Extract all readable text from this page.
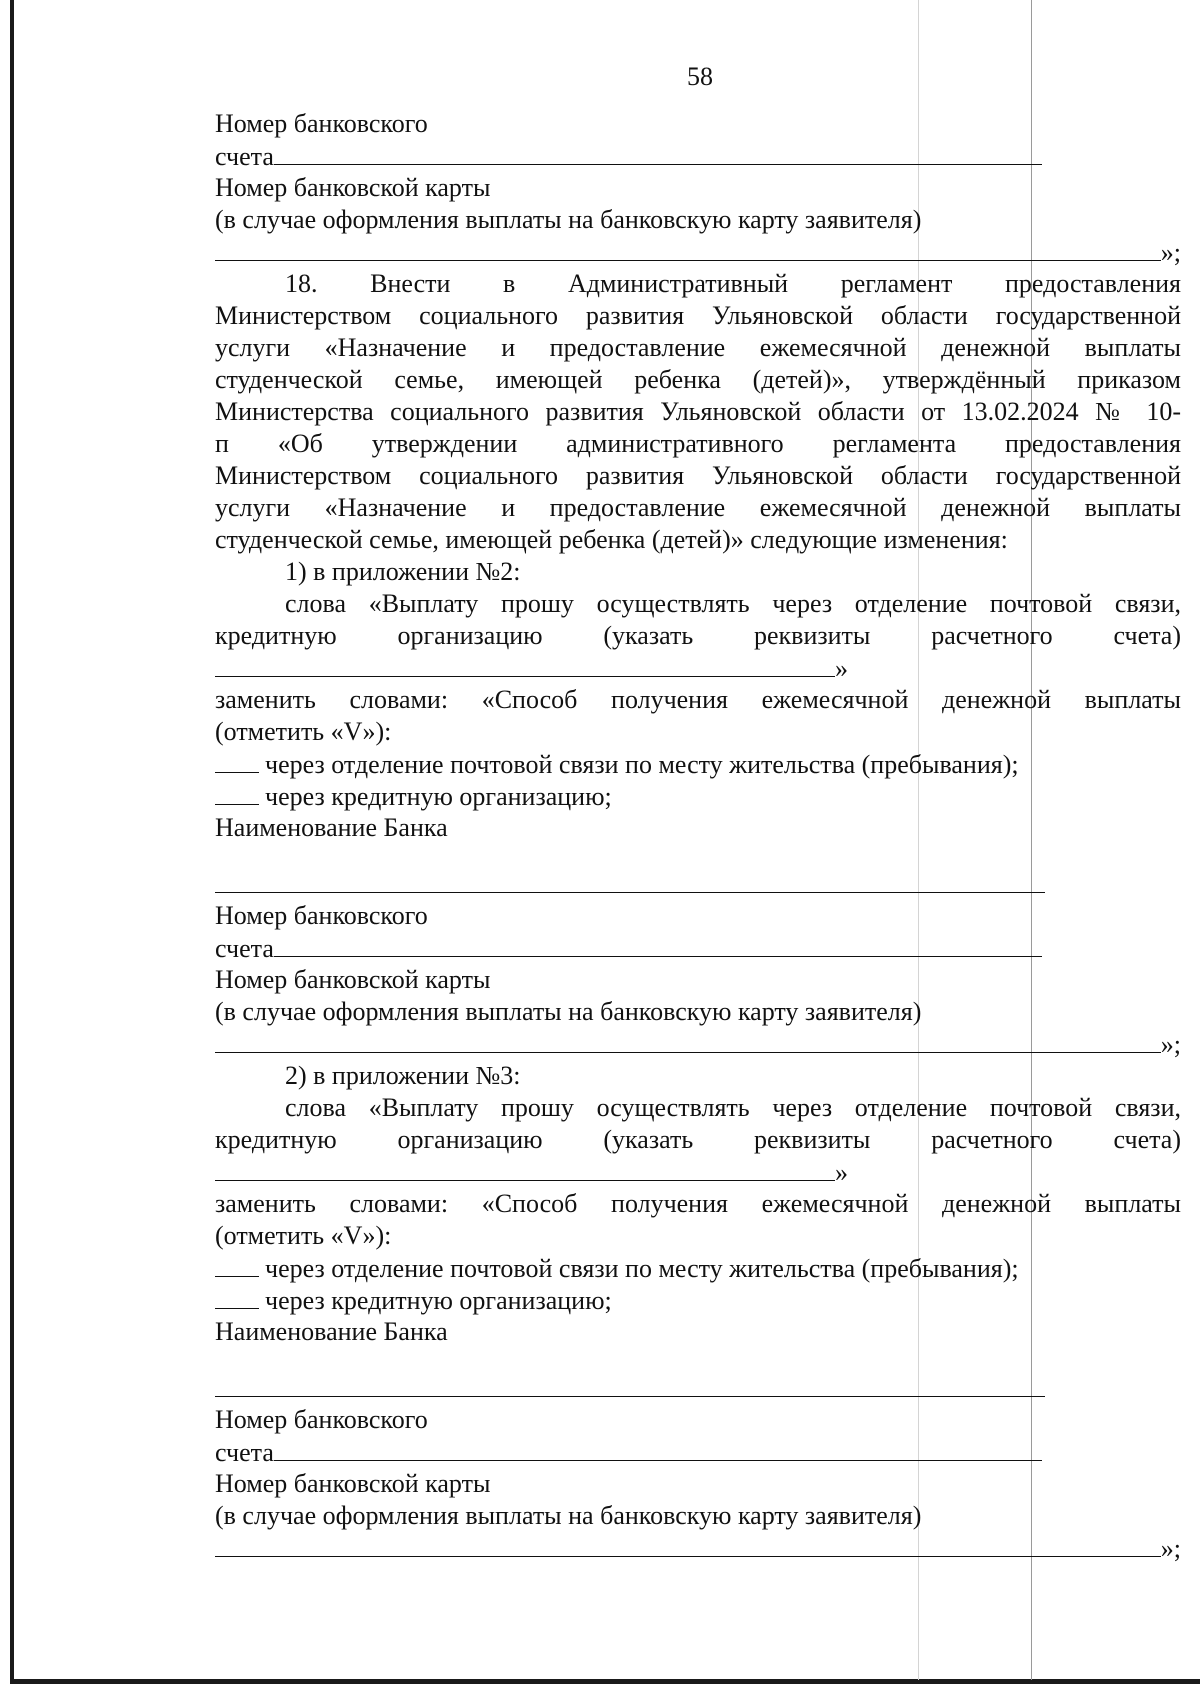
58
Номер банковского
счета
Номер банковской карты
(в случае оформления выплаты на банковскую карту заявителя)
»;
18. Внести в Административный регламент предоставления
Министерством социального развития Ульяновской области государственной
услуги «Назначение и предоставление ежемесячной денежной выплаты
студенческой семье, имеющей ребенка (детей)», утверждённый приказом
Министерства социального развития Ульяновской области от 13.02.2024 № 10-
п «Об утверждении административного регламента предоставления
Министерством социального развития Ульяновской области государственной
услуги «Назначение и предоставление ежемесячной денежной выплаты
студенческой семье, имеющей ребенка (детей)» следующие изменения:
1) в приложении №2:
слова «Выплату прошу осуществлять через отделение почтовой связи,
кредитную организацию (указать реквизиты расчетного счета)
»
заменить словами: «Способ получения ежемесячной денежной выплаты
(отметить «V»):
через отделение почтовой связи по месту жительства (пребывания);
через кредитную организацию;
Наименование Банка
Номер банковского
счета
Номер банковской карты
(в случае оформления выплаты на банковскую карту заявителя)
»;
2) в приложении №3:
слова «Выплату прошу осуществлять через отделение почтовой связи,
кредитную организацию (указать реквизиты расчетного счета)
»
заменить словами: «Способ получения ежемесячной денежной выплаты
(отметить «V»):
через отделение почтовой связи по месту жительства (пребывания);
через кредитную организацию;
Наименование Банка
Номер банковского
счета
Номер банковской карты
(в случае оформления выплаты на банковскую карту заявителя)
»;
